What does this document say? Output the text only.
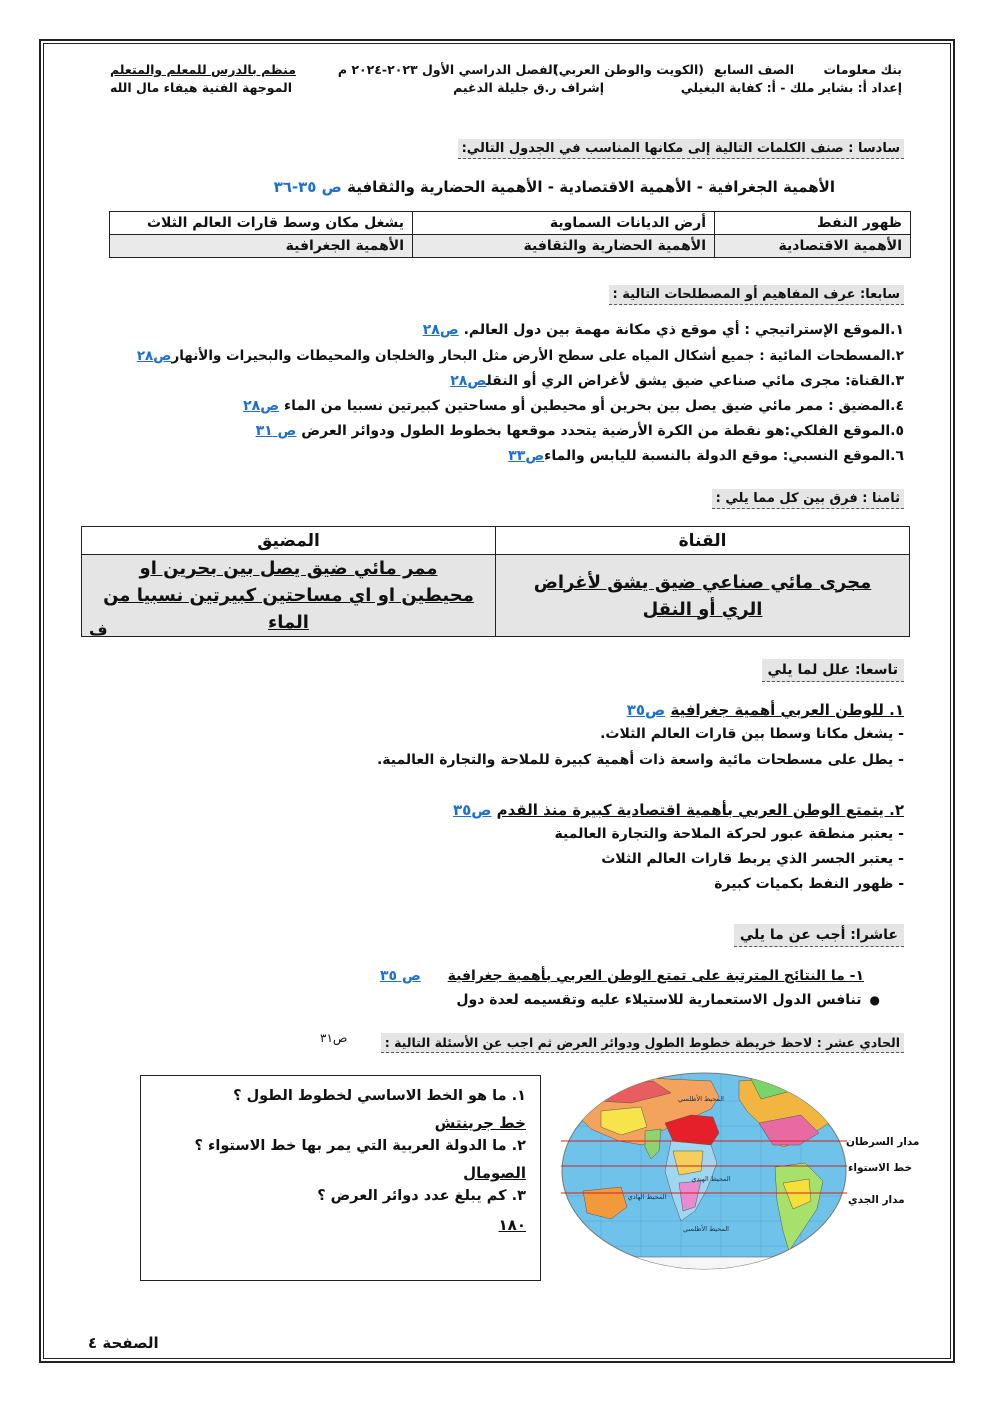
بنك معلومات
الصف السابع
(الكويت والوطن العربي)
الفصل الدراسي الأول ٢٠٢٣-٢٠٢٤ م
منظم بالدرس للمعلم والمتعلم
إعداد أ: بشاير ملك - أ: كفاية البغيلي
إشراف ر.ق جليلة الدغيم
الموجهة الفنية هيفاء مال الله
سادسا : صنف الكلمات التالية إلى مكانها المناسب في الجدول التالي:
الأهمية الجغرافية - الأهمية الاقتصادية - الأهمية الحضارية والثقافية ص ٣٥-٣٦
ظهور النفط	أرض الديانات السماوية	يشغل مكان وسط قارات العالم الثلاث
الأهمية الاقتصادية	الأهمية الحضارية والثقافية	الأهمية الجغرافية
سابعا: عرف المفاهيم أو المصطلحات التالية :
١.الموقع الإستراتيجي : أي موقع ذي مكانة مهمة بين دول العالم. ص٢٨
٢.المسطحات المائية : جميع أشكال المياه على سطح الأرض مثل البحار والخلجان والمحيطات والبحيرات والأنهارص٢٨
٣.القناة: مجرى مائي صناعي ضيق يشق لأغراض الري أو النقلص٢٨
٤.المضيق : ممر مائي ضيق يصل بين بحرين أو محيطين أو مساحتين كبيرتين نسبيا من الماء ص٢٨
٥.الموقع الفلكي:هو نقطة من الكرة الأرضية يتحدد موقعها بخطوط الطول ودوائر العرض ص ٣١
٦.الموقع النسبي: موقع الدولة بالنسبة لليابس والماءص٣٣
ثامنا : فرق بين كل مما يلي :
القناة	المضيق
مجرى مائي صناعي ضيق يشق لأغراض الري أو النقل	ممر مائي ضيق يصل بين بحرين او محيطين او اي مساحتين كبيرتين نسبيا من الماء
ف
تاسعا: علل لما يلي
١. للوطن العربي أهمية جغرافية ص٣٥
- يشغل مكانا وسطا بين قارات العالم الثلاث.
- يطل على مسطحات مائية واسعة ذات أهمية كبيرة للملاحة والتجارة العالمية.
٢. يتمتع الوطن العربي بأهمية اقتصادية كبيرة منذ القدم ص٣٥
- يعتبر منطقة عبور لحركة الملاحة والتجارة العالمية
- يعتبر الجسر الذي يربط قارات العالم الثلاث
- ظهور النفط بكميات كبيرة
عاشرا: أجب عن ما يلي
١- ما النتائج المترتبة على تمتع الوطن العربي بأهمية جغرافية ص ٣٥
●تنافس الدول الاستعمارية للاستيلاء عليه وتقسيمه لعدة دول
الحادي عشر : لاحظ خريطة خطوط الطول ودوائر العرض ثم اجب عن الأسئلة التالية :
ص٣١
١. ما هو الخط الاساسي لخطوط الطول ؟
خط جرينتش
٢. ما الدولة العربية التي يمر بها خط الاستواء ؟
الصومال
٣. كم يبلغ عدد دوائر العرض ؟
١٨٠
المحيط الأطلسي
المحيط الهندي
المحيط الهادي
المحيط الأطلسي
مدار السرطان
خط الاستواء
مدار الجدي
الصفحة ٤
